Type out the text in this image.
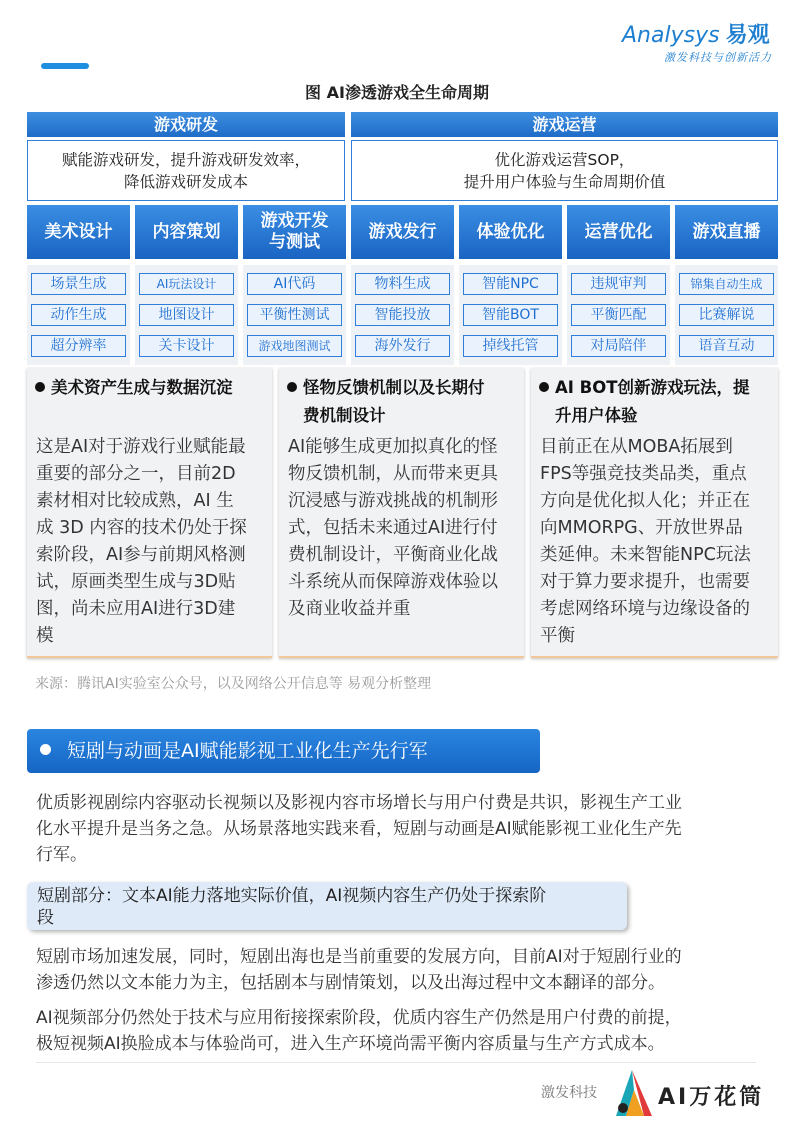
Analysys 易观
激发科技与创新活力
图 AI渗透游戏全生命周期
游戏研发	游戏运营
赋能游戏研发，提升游戏研发效率，
降低游戏研发成本
优化游戏运营SOP，
提升用户体验与生命周期价值
美术设计 内容策划
游戏开发
与测试
游戏发行 体验优化 运营优化 游戏直播
场景生成
动作生成
超分辨率
AI玩法设计
地图设计
关卡设计
AI代码
平衡性测试
游戏地图测试
物料生成
智能投放
海外发行
智能NPC
智能BOT
掉线托管
违规审判
平衡匹配
对局陪伴
锦集自动生成
比赛解说
语音互动
美术资产生成与数据沉淀
这是AI对于游戏行业赋能最
重要的部分之一，目前2D
素材相对比较成熟，AI 生
成 3D 内容的技术仍处于探
索阶段，AI参与前期风格测
试，原画类型生成与3D贴
图，尚未应用AI进行3D建
模
怪物反馈机制以及长期付
费机制设计
AI能够生成更加拟真化的怪
物反馈机制，从而带来更具
沉浸感与游戏挑战的机制形
式，包括未来通过AI进行付
费机制设计，平衡商业化战
斗系统从而保障游戏体验以
及商业收益并重
AI BOT创新游戏玩法，提
升用户体验
目前正在从MOBA拓展到
FPS等强竞技类品类，重点
方向是优化拟人化；并正在
向MMORPG、开放世界品
类延伸。未来智能NPC玩法
对于算力要求提升，也需要
考虑网络环境与边缘设备的
平衡
来源：腾讯AI实验室公众号，以及网络公开信息等 易观分析整理
短剧与动画是AI赋能影视工业化生产先行军
优质影视剧综内容驱动长视频以及影视内容市场增长与用户付费是共识，影视生产工业
化水平提升是当务之急。从场景落地实践来看，短剧与动画是AI赋能影视工业化生产先
行军。
短剧部分：文本AI能力落地实际价值，AI视频内容生产仍处于探索阶
段
短剧市场加速发展，同时，短剧出海也是当前重要的发展方向，目前AI对于短剧行业的
渗透仍然以文本能力为主，包括剧本与剧情策划，以及出海过程中文本翻译的部分。
AI视频部分仍然处于技术与应用衔接探索阶段，优质内容生产仍然是用户付费的前提，
极短视频AI换脸成本与体验尚可，进入生产环境尚需平衡内容质量与生产方式成本。
激发科技	AI万花筒
